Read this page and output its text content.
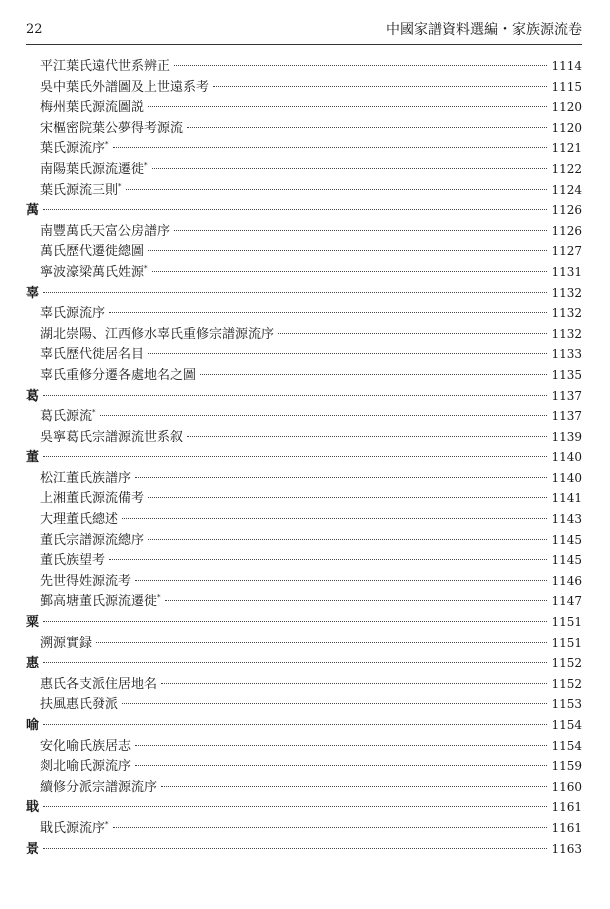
22	中國家譜資料選編・家族源流卷
平江葉氏遠代世系辨正	1114
吳中葉氏外譜圖及上世遠系考	1115
梅州葉氏源流圖説	1120
宋樞密院葉公夢得考源流	1120
葉氏源流序*	1121
南陽葉氏源流遷徙*	1122
葉氏源流三則*	1124
萬	1126
南豐萬氏天富公房譜序	1126
萬氏歷代遷徙總圖	1127
寧波濠梁萬氏姓源*	1131
辜	1132
辜氏源流序	1132
湖北崇陽、江西修水辜氏重修宗譜源流序	1132
辜氏歷代徙居名目	1133
辜氏重修分遷各處地名之圖	1135
葛	1137
葛氏源流*	1137
吳寧葛氏宗譜源流世系叙	1139
董	1140
松江董氏族譜序	1140
上湘董氏源流備考	1141
大理董氏總述	1143
董氏宗譜源流總序	1145
董氏族望考	1145
先世得姓源流考	1146
鄞高塘董氏源流遷徙*	1147
粟	1151
溯源實録	1151
惠	1152
惠氏各支派住居地名	1152
扶風惠氏發派	1153
喻	1154
安化喻氏族居志	1154
剡北喻氏源流序	1159
續修分派宗譜源流序	1160
戢	1161
戢氏源流序*	1161
景	1163
